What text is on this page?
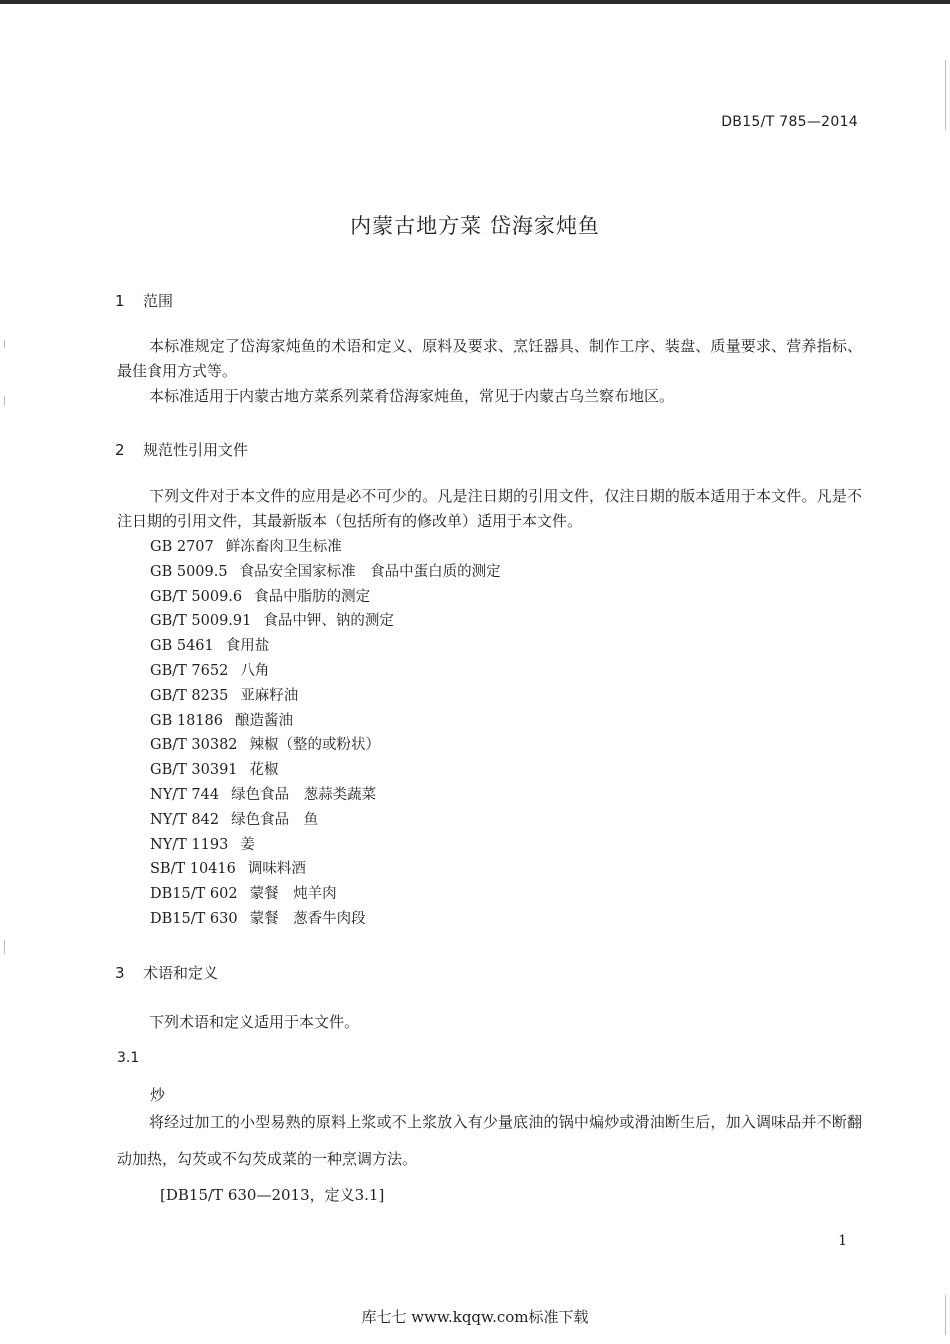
DB15/T 785—2014
内蒙古地方菜 岱海家炖鱼
1 范围
本标准规定了岱海家炖鱼的术语和定义、原料及要求、烹饪器具、制作工序、装盘、质量要求、营养指标、最佳食用方式等。
本标准适用于内蒙古地方菜系列菜肴岱海家炖鱼，常见于内蒙古乌兰察布地区。
2 规范性引用文件
下列文件对于本文件的应用是必不可少的。凡是注日期的引用文件，仅注日期的版本适用于本文件。凡是不注日期的引用文件，其最新版本（包括所有的修改单）适用于本文件。
GB 2707 鲜冻畜肉卫生标准
GB 5009.5 食品安全国家标准　食品中蛋白质的测定
GB/T 5009.6 食品中脂肪的测定
GB/T 5009.91 食品中钾、钠的测定
GB 5461 食用盐
GB/T 7652 八角
GB/T 8235 亚麻籽油
GB 18186 酿造酱油
GB/T 30382 辣椒（整的或粉状）
GB/T 30391 花椒
NY/T 744 绿色食品　葱蒜类蔬菜
NY/T 842 绿色食品　鱼
NY/T 1193 姜
SB/T 10416 调味料酒
DB15/T 602 蒙餐　炖羊肉
DB15/T 630 蒙餐　葱香牛肉段
3 术语和定义
下列术语和定义适用于本文件。
3.1
炒
将经过加工的小型易熟的原料上浆或不上浆放入有少量底油的锅中煸炒或滑油断生后，加入调味品并不断翻动加热，勾芡或不勾芡成菜的一种烹调方法。
[DB15/T 630—2013，定义3.1]
1
库七七 www.kqqw.com标准下载
